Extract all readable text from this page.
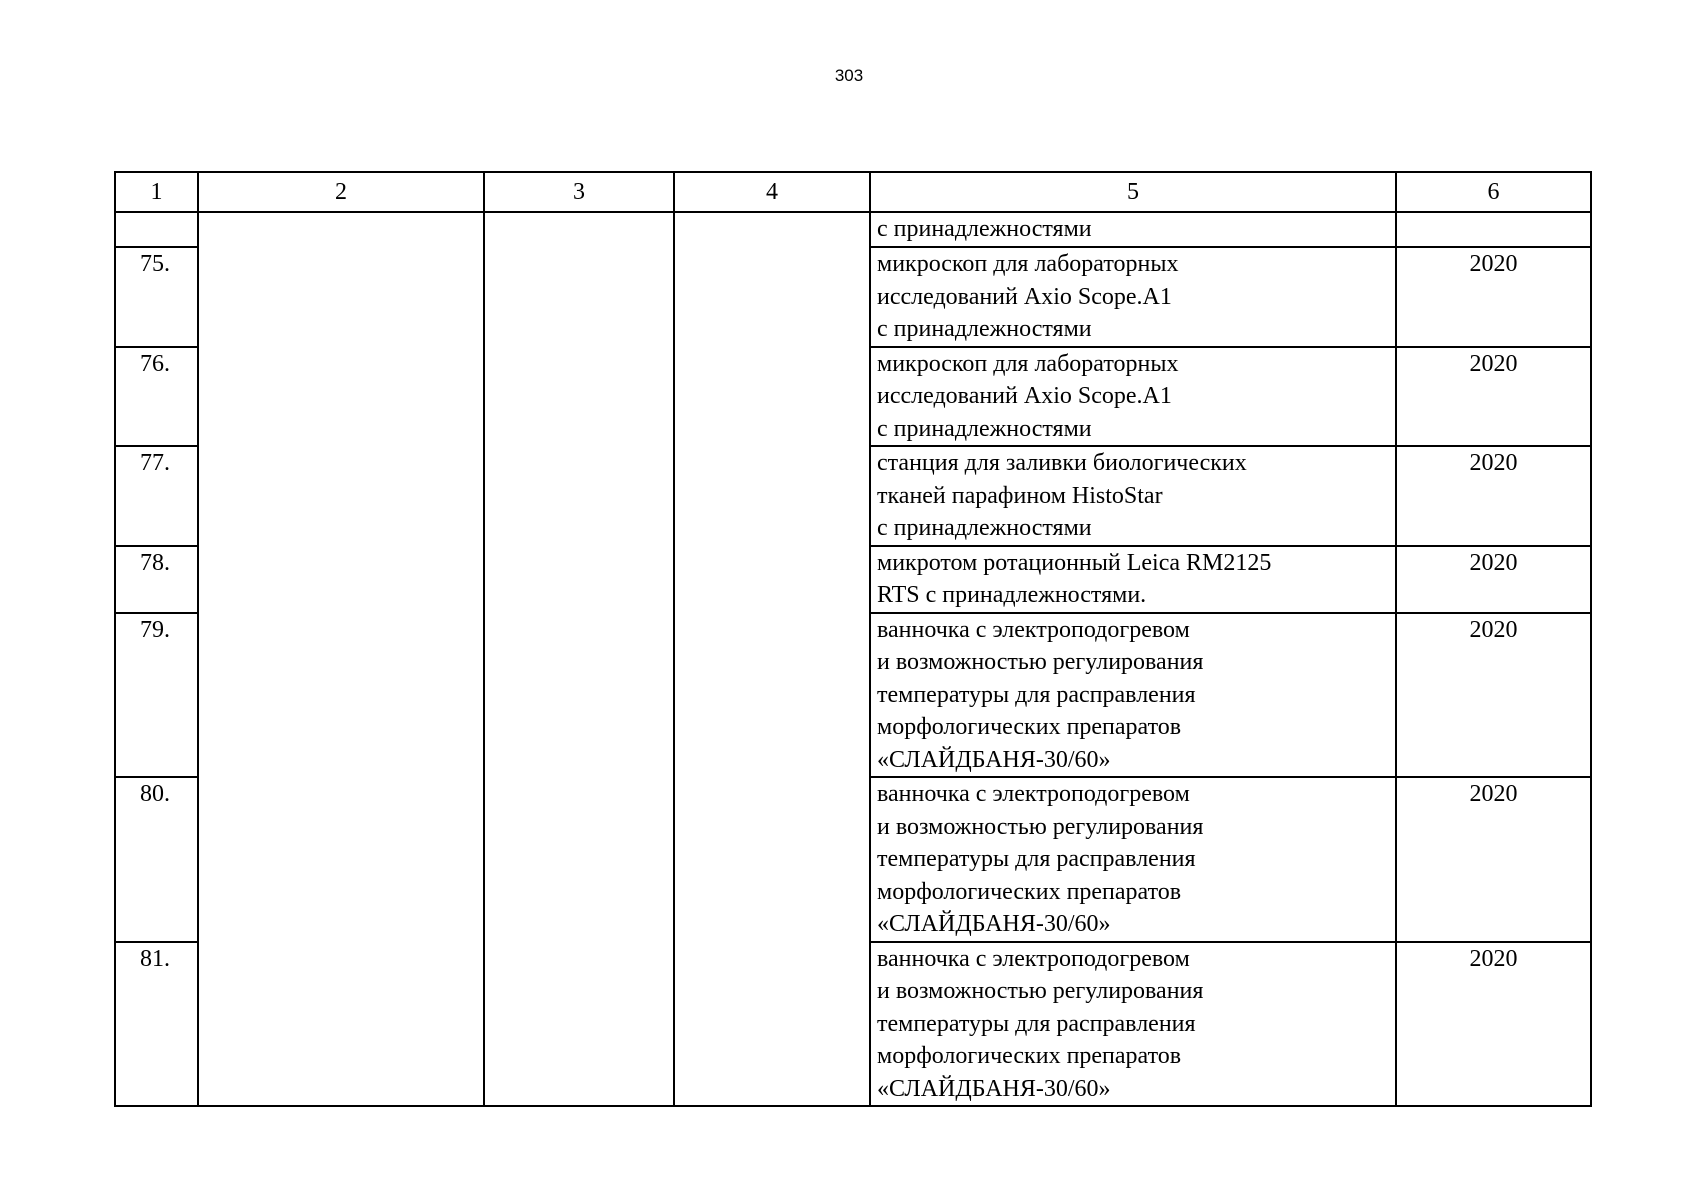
303
1	2	3	4	5	6
				с принадлежностями	
75.				микроскоп для лабораторных
исследований Axio Scope.A1
с принадлежностями	2020
76.				микроскоп для лабораторных
исследований Axio Scope.A1
с принадлежностями	2020
77.				станция для заливки биологических
тканей парафином HistoStar
с принадлежностями	2020
78.				микротом ротационный Leica RM2125
RTS с принадлежностями.	2020
79.				ванночка с электроподогревом
и возможностью регулирования
температуры для расправления
морфологических препаратов
«СЛАЙДБАНЯ-30/60»	2020
80.				ванночка с электроподогревом
и возможностью регулирования
температуры для расправления
морфологических препаратов
«СЛАЙДБАНЯ-30/60»	2020
81.				ванночка с электроподогревом
и возможностью регулирования
температуры для расправления
морфологических препаратов
«СЛАЙДБАНЯ-30/60»	2020
